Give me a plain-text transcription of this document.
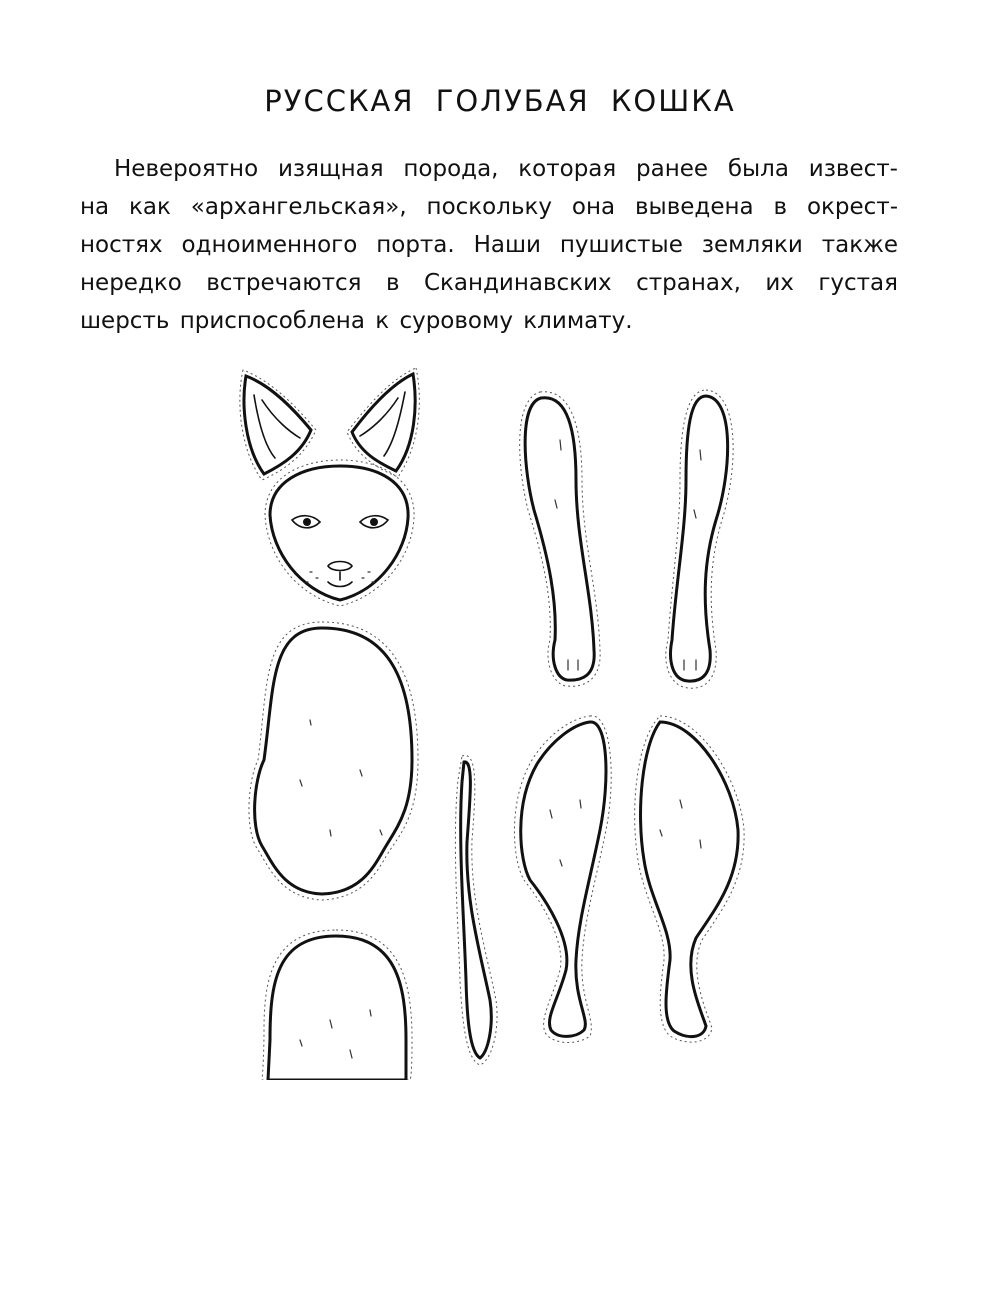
РУССКАЯ ГОЛУБАЯ КОШКА

Невероятно изящная порода, которая ранее была извест-
на как «архангельская», поскольку она выведена в окрест-
ностях одноименного порта. Наши пушистые земляки также
нередко встречаются в Скандинавских странах, их густая
шерсть приспособлена к суровому климату.
